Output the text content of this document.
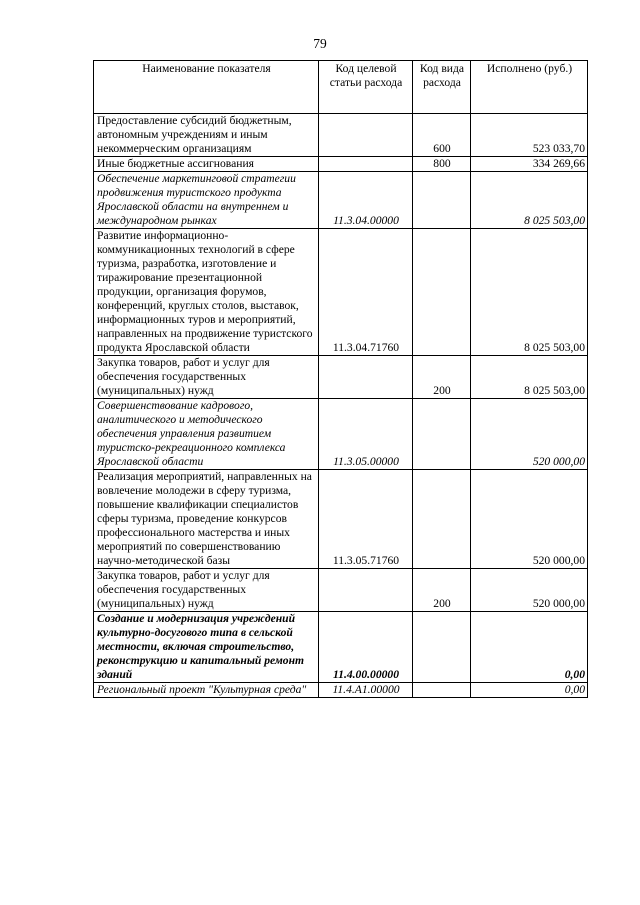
79
Наименование показателя	Код целевой статьи расхода	Код вида расхода	Исполнено (руб.)
Предоставление субсидий бюджетным, автономным учреждениям и иным некоммерческим организациям		600	523 033,70
Иные бюджетные ассигнования		800	334 269,66
Обеспечение маркетинговой стратегии продвижения туристского продукта Ярославской области на внутреннем и международном рынках	11.3.04.00000		8 025 503,00
Развитие информационно-коммуникационных технологий в сфере туризма, разработка, изготовление и тиражирование презентационной продукции, организация форумов, конференций, круглых столов, выставок, информационных туров и мероприятий, направленных на продвижение туристского продукта Ярославской области	11.3.04.71760		8 025 503,00
Закупка товаров, работ и услуг для обеспечения государственных (муниципальных) нужд		200	8 025 503,00
Совершенствование кадрового, аналитического и методического обеспечения управления развитием туристско-рекреационного комплекса Ярославской области	11.3.05.00000		520 000,00
Реализация мероприятий, направленных на вовлечение молодежи в сферу туризма, повышение квалификации специалистов сферы туризма, проведение конкурсов профессионального мастерства и иных мероприятий по совершенствованию научно-методической базы	11.3.05.71760		520 000,00
Закупка товаров, работ и услуг для обеспечения государственных (муниципальных) нужд		200	520 000,00
Создание и модернизация учреждений культурно-досугового типа в сельской местности, включая строительство, реконструкцию и капитальный ремонт зданий	11.4.00.00000		0,00
Региональный проект "Культурная среда"	11.4.A1.00000		0,00
